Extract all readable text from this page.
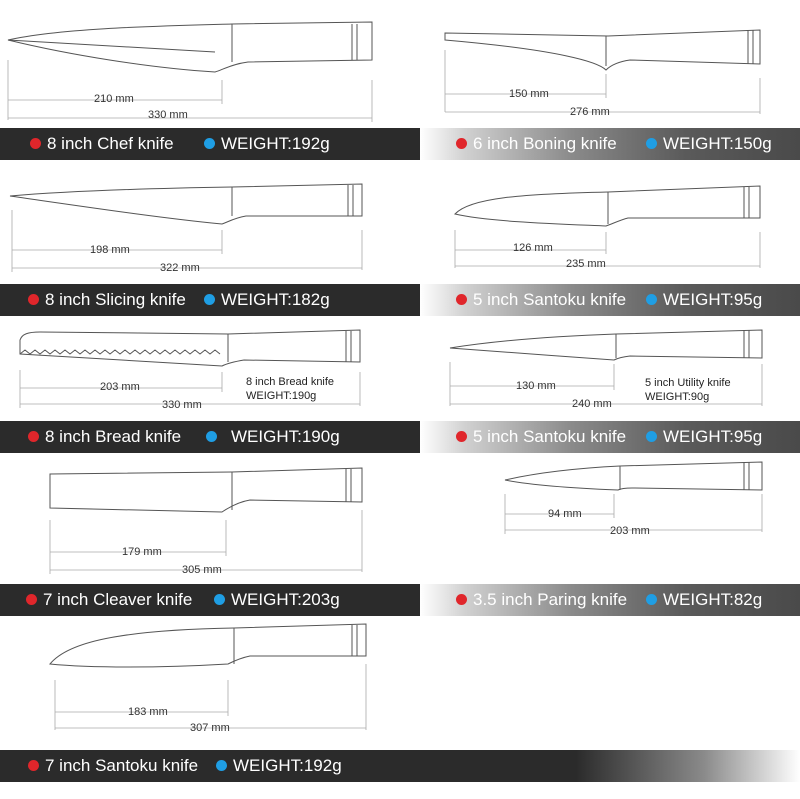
210 mm
330 mm
150 mm
276 mm
198 mm
322 mm
126 mm
235 mm
203 mm
330 mm
8 inch Bread knife
WEIGHT:190g
130 mm
240 mm
5 inch Utility knife
WEIGHT:90g
179 mm
305 mm
94 mm
203 mm
183 mm
307 mm
8 inch Chef knife	WEIGHT:192g	6 inch Boning knife	WEIGHT:150g
8 inch Slicing knife	WEIGHT:182g	5 inch Santoku knife	WEIGHT:95g
8 inch Bread knife	WEIGHT:190g	5 inch Santoku knife	WEIGHT:95g
7 inch Cleaver knife	WEIGHT:203g	3.5 inch Paring knife	WEIGHT:82g
7 inch Santoku knife	WEIGHT:192g
